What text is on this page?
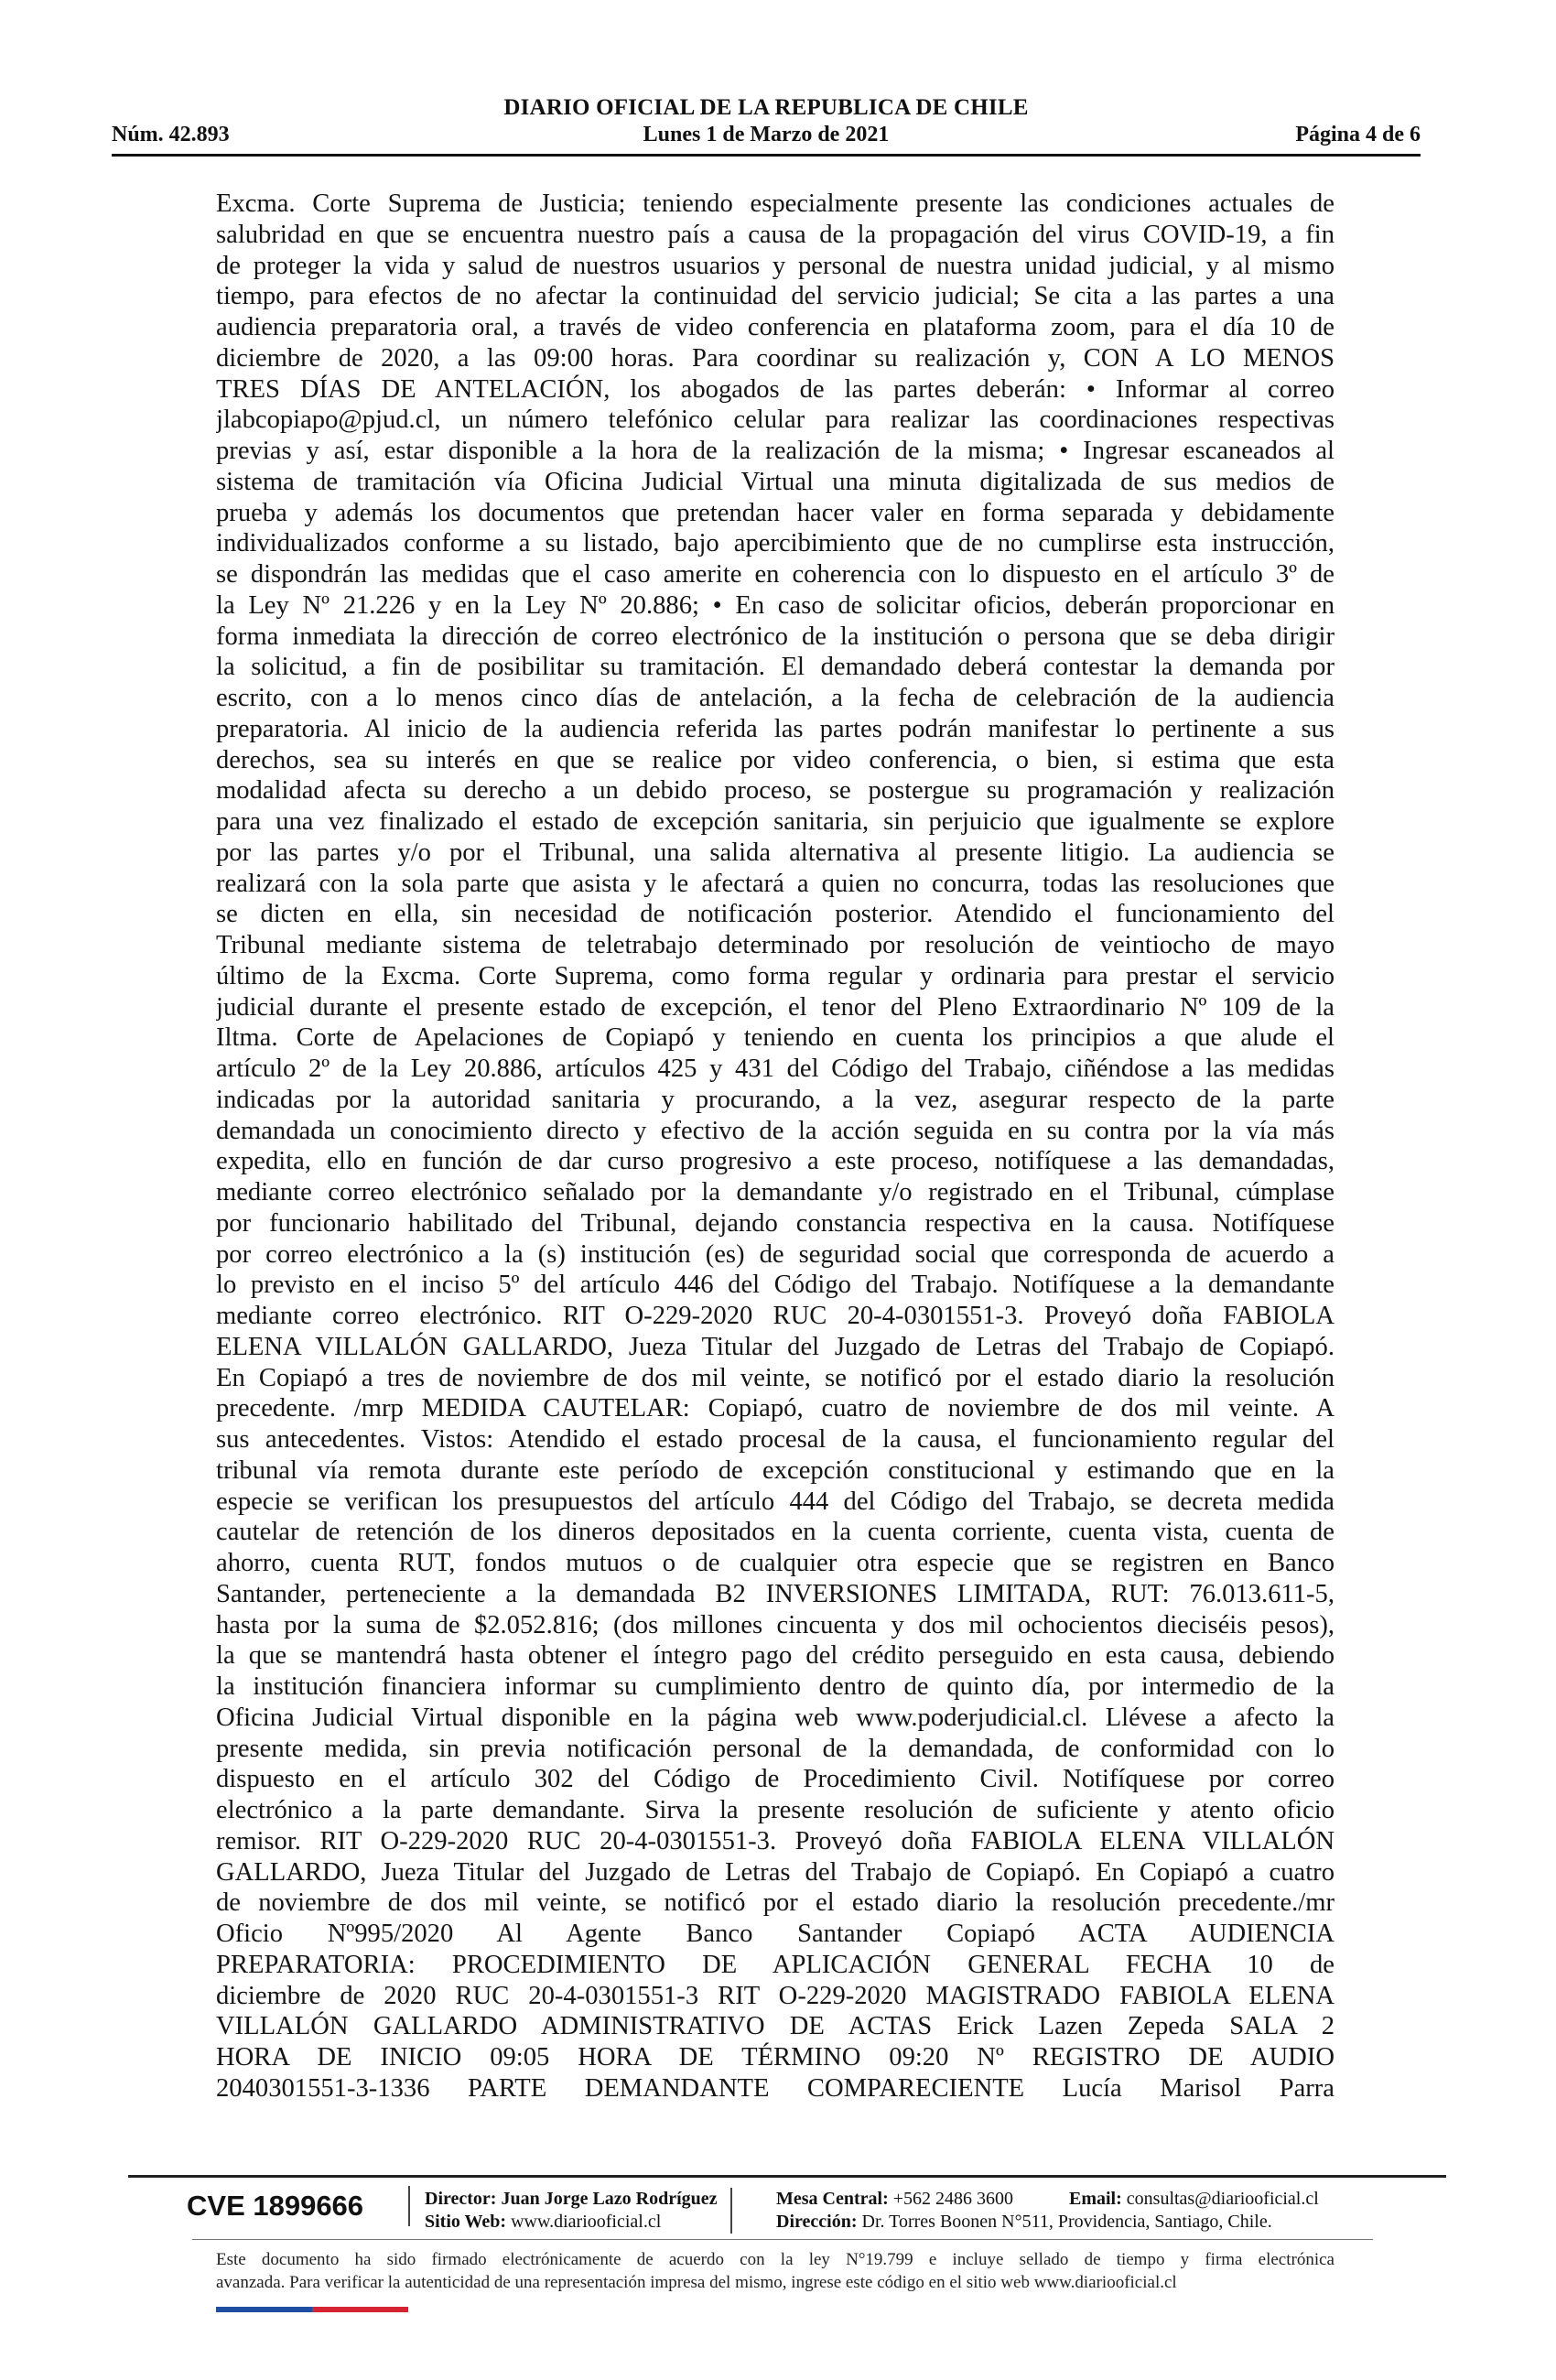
DIARIO OFICIAL DE LA REPUBLICA DE CHILE
Núm. 42.893	Lunes 1 de Marzo de 2021	Página 4 de 6
Excma. Corte Suprema de Justicia; teniendo especialmente presente las condiciones actuales de
salubridad en que se encuentra nuestro país a causa de la propagación del virus COVID-19, a fin
de proteger la vida y salud de nuestros usuarios y personal de nuestra unidad judicial, y al mismo
tiempo, para efectos de no afectar la continuidad del servicio judicial; Se cita a las partes a una
audiencia preparatoria oral, a través de video conferencia en plataforma zoom, para el día 10 de
diciembre de 2020, a las 09:00 horas. Para coordinar su realización y, CON A LO MENOS
TRES DÍAS DE ANTELACIÓN, los abogados de las partes deberán: • Informar al correo
jlabcopiapo@pjud.cl, un número telefónico celular para realizar las coordinaciones respectivas
previas y así, estar disponible a la hora de la realización de la misma; • Ingresar escaneados al
sistema de tramitación vía Oficina Judicial Virtual una minuta digitalizada de sus medios de
prueba y además los documentos que pretendan hacer valer en forma separada y debidamente
individualizados conforme a su listado, bajo apercibimiento que de no cumplirse esta instrucción,
se dispondrán las medidas que el caso amerite en coherencia con lo dispuesto en el artículo 3º de
la Ley Nº 21.226 y en la Ley Nº 20.886; • En caso de solicitar oficios, deberán proporcionar en
forma inmediata la dirección de correo electrónico de la institución o persona que se deba dirigir
la solicitud, a fin de posibilitar su tramitación. El demandado deberá contestar la demanda por
escrito, con a lo menos cinco días de antelación, a la fecha de celebración de la audiencia
preparatoria. Al inicio de la audiencia referida las partes podrán manifestar lo pertinente a sus
derechos, sea su interés en que se realice por video conferencia, o bien, si estima que esta
modalidad afecta su derecho a un debido proceso, se postergue su programación y realización
para una vez finalizado el estado de excepción sanitaria, sin perjuicio que igualmente se explore
por las partes y/o por el Tribunal, una salida alternativa al presente litigio. La audiencia se
realizará con la sola parte que asista y le afectará a quien no concurra, todas las resoluciones que
se dicten en ella, sin necesidad de notificación posterior. Atendido el funcionamiento del
Tribunal mediante sistema de teletrabajo determinado por resolución de veintiocho de mayo
último de la Excma. Corte Suprema, como forma regular y ordinaria para prestar el servicio
judicial durante el presente estado de excepción, el tenor del Pleno Extraordinario Nº 109 de la
Iltma. Corte de Apelaciones de Copiapó y teniendo en cuenta los principios a que alude el
artículo 2º de la Ley 20.886, artículos 425 y 431 del Código del Trabajo, ciñéndose a las medidas
indicadas por la autoridad sanitaria y procurando, a la vez, asegurar respecto de la parte
demandada un conocimiento directo y efectivo de la acción seguida en su contra por la vía más
expedita, ello en función de dar curso progresivo a este proceso, notifíquese a las demandadas,
mediante correo electrónico señalado por la demandante y/o registrado en el Tribunal, cúmplase
por funcionario habilitado del Tribunal, dejando constancia respectiva en la causa. Notifíquese
por correo electrónico a la (s) institución (es) de seguridad social que corresponda de acuerdo a
lo previsto en el inciso 5º del artículo 446 del Código del Trabajo. Notifíquese a la demandante
mediante correo electrónico. RIT O-229-2020 RUC 20-4-0301551-3. Proveyó doña FABIOLA
ELENA VILLALÓN GALLARDO, Jueza Titular del Juzgado de Letras del Trabajo de Copiapó.
En Copiapó a tres de noviembre de dos mil veinte, se notificó por el estado diario la resolución
precedente. /mrp MEDIDA CAUTELAR: Copiapó, cuatro de noviembre de dos mil veinte. A
sus antecedentes. Vistos: Atendido el estado procesal de la causa, el funcionamiento regular del
tribunal vía remota durante este período de excepción constitucional y estimando que en la
especie se verifican los presupuestos del artículo 444 del Código del Trabajo, se decreta medida
cautelar de retención de los dineros depositados en la cuenta corriente, cuenta vista, cuenta de
ahorro, cuenta RUT, fondos mutuos o de cualquier otra especie que se registren en Banco
Santander, perteneciente a la demandada B2 INVERSIONES LIMITADA, RUT: 76.013.611-5,
hasta por la suma de $2.052.816; (dos millones cincuenta y dos mil ochocientos dieciséis pesos),
la que se mantendrá hasta obtener el íntegro pago del crédito perseguido en esta causa, debiendo
la institución financiera informar su cumplimiento dentro de quinto día, por intermedio de la
Oficina Judicial Virtual disponible en la página web www.poderjudicial.cl. Llévese a afecto la
presente medida, sin previa notificación personal de la demandada, de conformidad con lo
dispuesto en el artículo 302 del Código de Procedimiento Civil. Notifíquese por correo
electrónico a la parte demandante. Sirva la presente resolución de suficiente y atento oficio
remisor. RIT O-229-2020 RUC 20-4-0301551-3. Proveyó doña FABIOLA ELENA VILLALÓN
GALLARDO, Jueza Titular del Juzgado de Letras del Trabajo de Copiapó. En Copiapó a cuatro
de noviembre de dos mil veinte, se notificó por el estado diario la resolución precedente./mr
Oficio Nº995/2020 Al Agente Banco Santander Copiapó ACTA AUDIENCIA
PREPARATORIA: PROCEDIMIENTO DE APLICACIÓN GENERAL FECHA 10 de
diciembre de 2020 RUC 20-4-0301551-3 RIT O-229-2020 MAGISTRADO FABIOLA ELENA
VILLALÓN GALLARDO ADMINISTRATIVO DE ACTAS Erick Lazen Zepeda SALA 2
HORA DE INICIO 09:05 HORA DE TÉRMINO 09:20 Nº REGISTRO DE AUDIO
2040301551-3-1336 PARTE DEMANDANTE COMPARECIENTE Lucía Marisol Parra
CVE 1899666	Director: Juan Jorge Lazo Rodríguez
Sitio Web: www.diariooficial.cl
Mesa Central: +562 2486 3600
Dirección: Dr. Torres Boonen N°511, Providencia, Santiago, Chile.
Email: consultas@diariooficial.cl
Este documento ha sido firmado electrónicamente de acuerdo con la ley N°19.799 e incluye sellado de tiempo y firma electrónica
avanzada. Para verificar la autenticidad de una representación impresa del mismo, ingrese este código en el sitio web www.diariooficial.cl
